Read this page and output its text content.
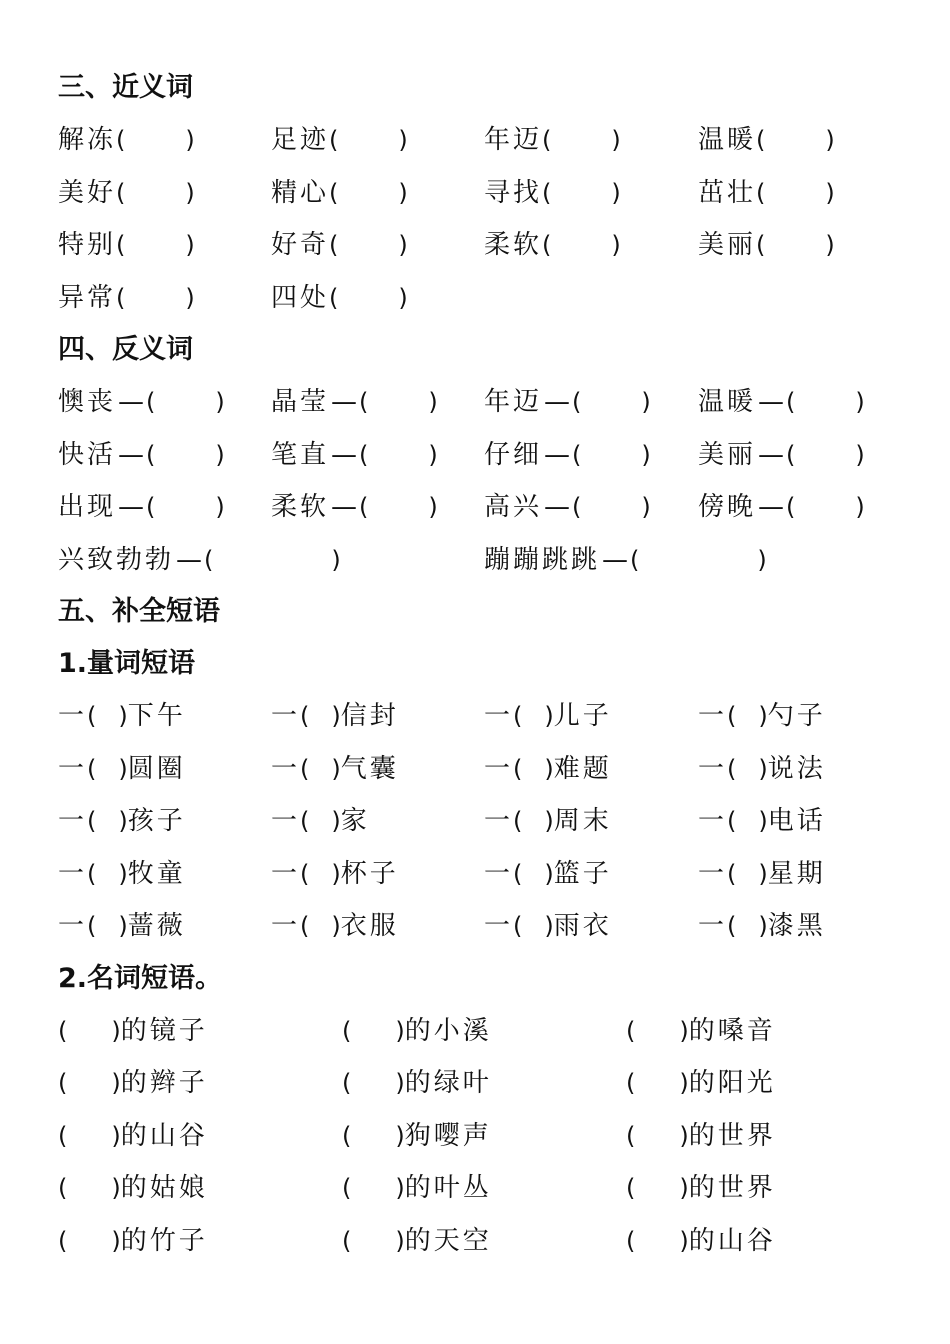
三、近义词
解冻(	)	足迹(	)	年迈(	)	温暖(	)
美好(	)	精心(	)	寻找(	)	茁壮(	)
特别(	)	好奇(	)	柔软(	)	美丽(	)
异常(	)	四处(	)
四、反义词
懊丧—(	) 晶莹—(	) 年迈—(	) 温暖—(	)
快活—(	) 笔直—(	) 仔细—(	) 美丽—(	)
出现—(	) 柔软—(	) 高兴—(	) 傍晚—(	)
兴致勃勃—(	)	蹦蹦跳跳—(	)
五、补全短语
1.量词短语
一( )下午	一( )信封	一( )儿子	一( )勺子
一( )圆圈	一( )气囊	一( )难题	一( )说法
一( )孩子	一( )家	一( )周末	一( )电话
一( )牧童	一( )杯子	一( )篮子	一( )星期
一( )蔷薇	一( )衣服	一( )雨衣	一( )漆黑
2.名词短语。
( )的镜子	( )的小溪	( )的嗓音
( )的辫子	( )的绿叶	( )的阳光
( )的山谷	( )狗嘤声	( )的世界
( )的姑娘	( )的叶丛	( )的世界
( )的竹子	( )的天空	( )的山谷
